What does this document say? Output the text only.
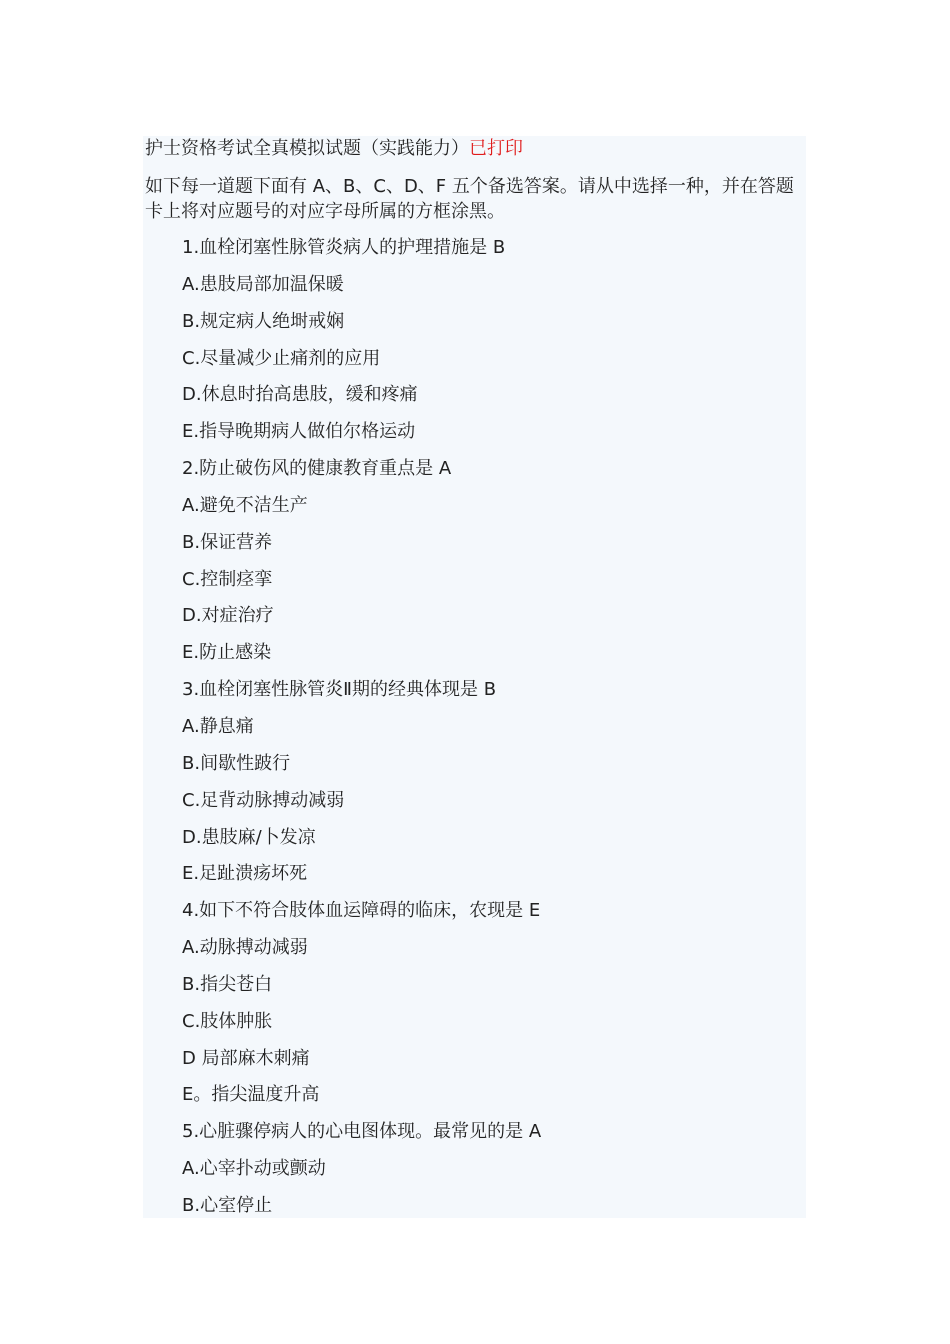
护士资格考试全真模拟试题（实践能力）已打印

如下每一道题下面有 A、B、C、D、F 五个备选答案。请从中选择一种，并在答题卡上将对应题号的对应字母所属的方框涂黑。

1.血栓闭塞性脉管炎病人的护理措施是 B
A.患肢局部加温保暖
B.规定病人绝埘戒娴
C.尽量减少止痛剂的应用
D.休息时抬高患肢，缓和疼痛
E.指导晚期病人做伯尔格运动
2.防止破伤风的健康教育重点是 A
A.避免不洁生产
B.保证营养
C.控制痉挛
D.对症治疗
E.防止感染
3.血栓闭塞性脉管炎Ⅱ期的经典体现是 B
A.静息痛
B.间歇性跛行
C.足背动脉搏动减弱
D.患肢麻/卜发凉
E.足趾溃疡坏死
4.如下不符合肢体血运障碍的临床，农现是 E
A.动脉搏动减弱
B.指尖苍白
C.肢体肿胀
D 局部麻木刺痛
E。指尖温度升高
5.心脏骤停病人的心电图体现。最常见的是 A
A.心宰扑动或颤动
B.心室停止
